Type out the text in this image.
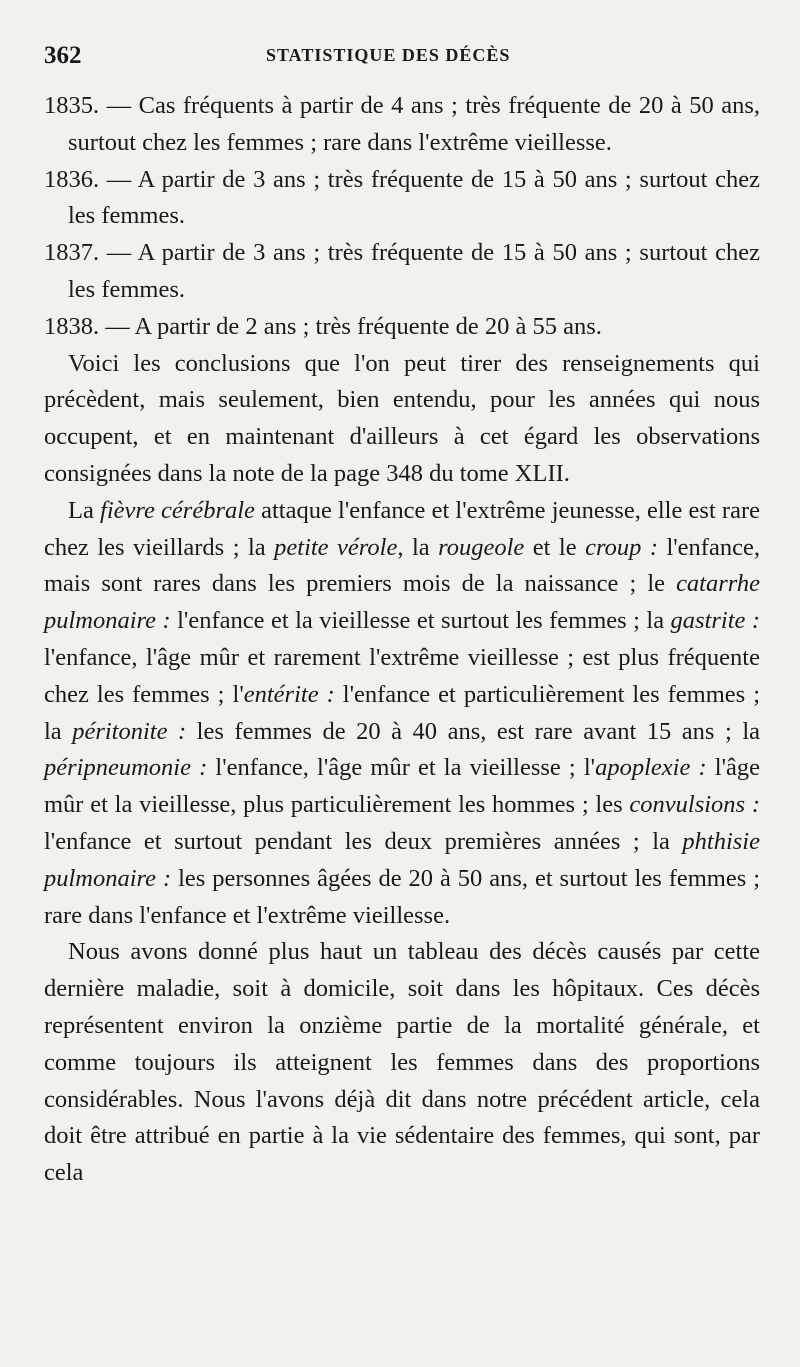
362	STATISTIQUE DES DÉCÈS
1835. — Cas fréquents à partir de 4 ans ; très fréquente de 20 à 50 ans, surtout chez les femmes ; rare dans l'extrême vieillesse.
1836. — A partir de 3 ans ; très fréquente de 15 à 50 ans ; surtout chez les femmes.
1837. — A partir de 3 ans ; très fréquente de 15 à 50 ans ; surtout chez les femmes.
1838. — A partir de 2 ans ; très fréquente de 20 à 55 ans.

Voici les conclusions que l'on peut tirer des renseignements qui précèdent, mais seulement, bien entendu, pour les années qui nous occupent, et en maintenant d'ailleurs à cet égard les observations consignées dans la note de la page 348 du tome XLII.

La fièvre cérébrale attaque l'enfance et l'extrême jeunesse, elle est rare chez les vieillards ; la petite vérole, la rougeole et le croup : l'enfance, mais sont rares dans les premiers mois de la naissance ; le catarrhe pulmonaire : l'enfance et la vieillesse et surtout les femmes ; la gastrite : l'enfance, l'âge mûr et rarement l'extrême vieillesse ; est plus fréquente chez les femmes ; l'entérite : l'enfance et particulièrement les femmes ; la péritonite : les femmes de 20 à 40 ans, est rare avant 15 ans ; la péripneumonie : l'enfance, l'âge mûr et la vieillesse ; l'apoplexie : l'âge mûr et la vieillesse, plus particulièrement les hommes ; les convulsions : l'enfance et surtout pendant les deux premières années ; la phthisie pulmonaire : les personnes âgées de 20 à 50 ans, et surtout les femmes ; rare dans l'enfance et l'extrême vieillesse.

Nous avons donné plus haut un tableau des décès causés par cette dernière maladie, soit à domicile, soit dans les hôpitaux. Ces décès représentent environ la onzième partie de la mortalité générale, et comme toujours ils atteignent les femmes dans des proportions considérables. Nous l'avons déjà dit dans notre précédent article, cela doit être attribué en partie à la vie sédentaire des femmes, qui sont, par cela
